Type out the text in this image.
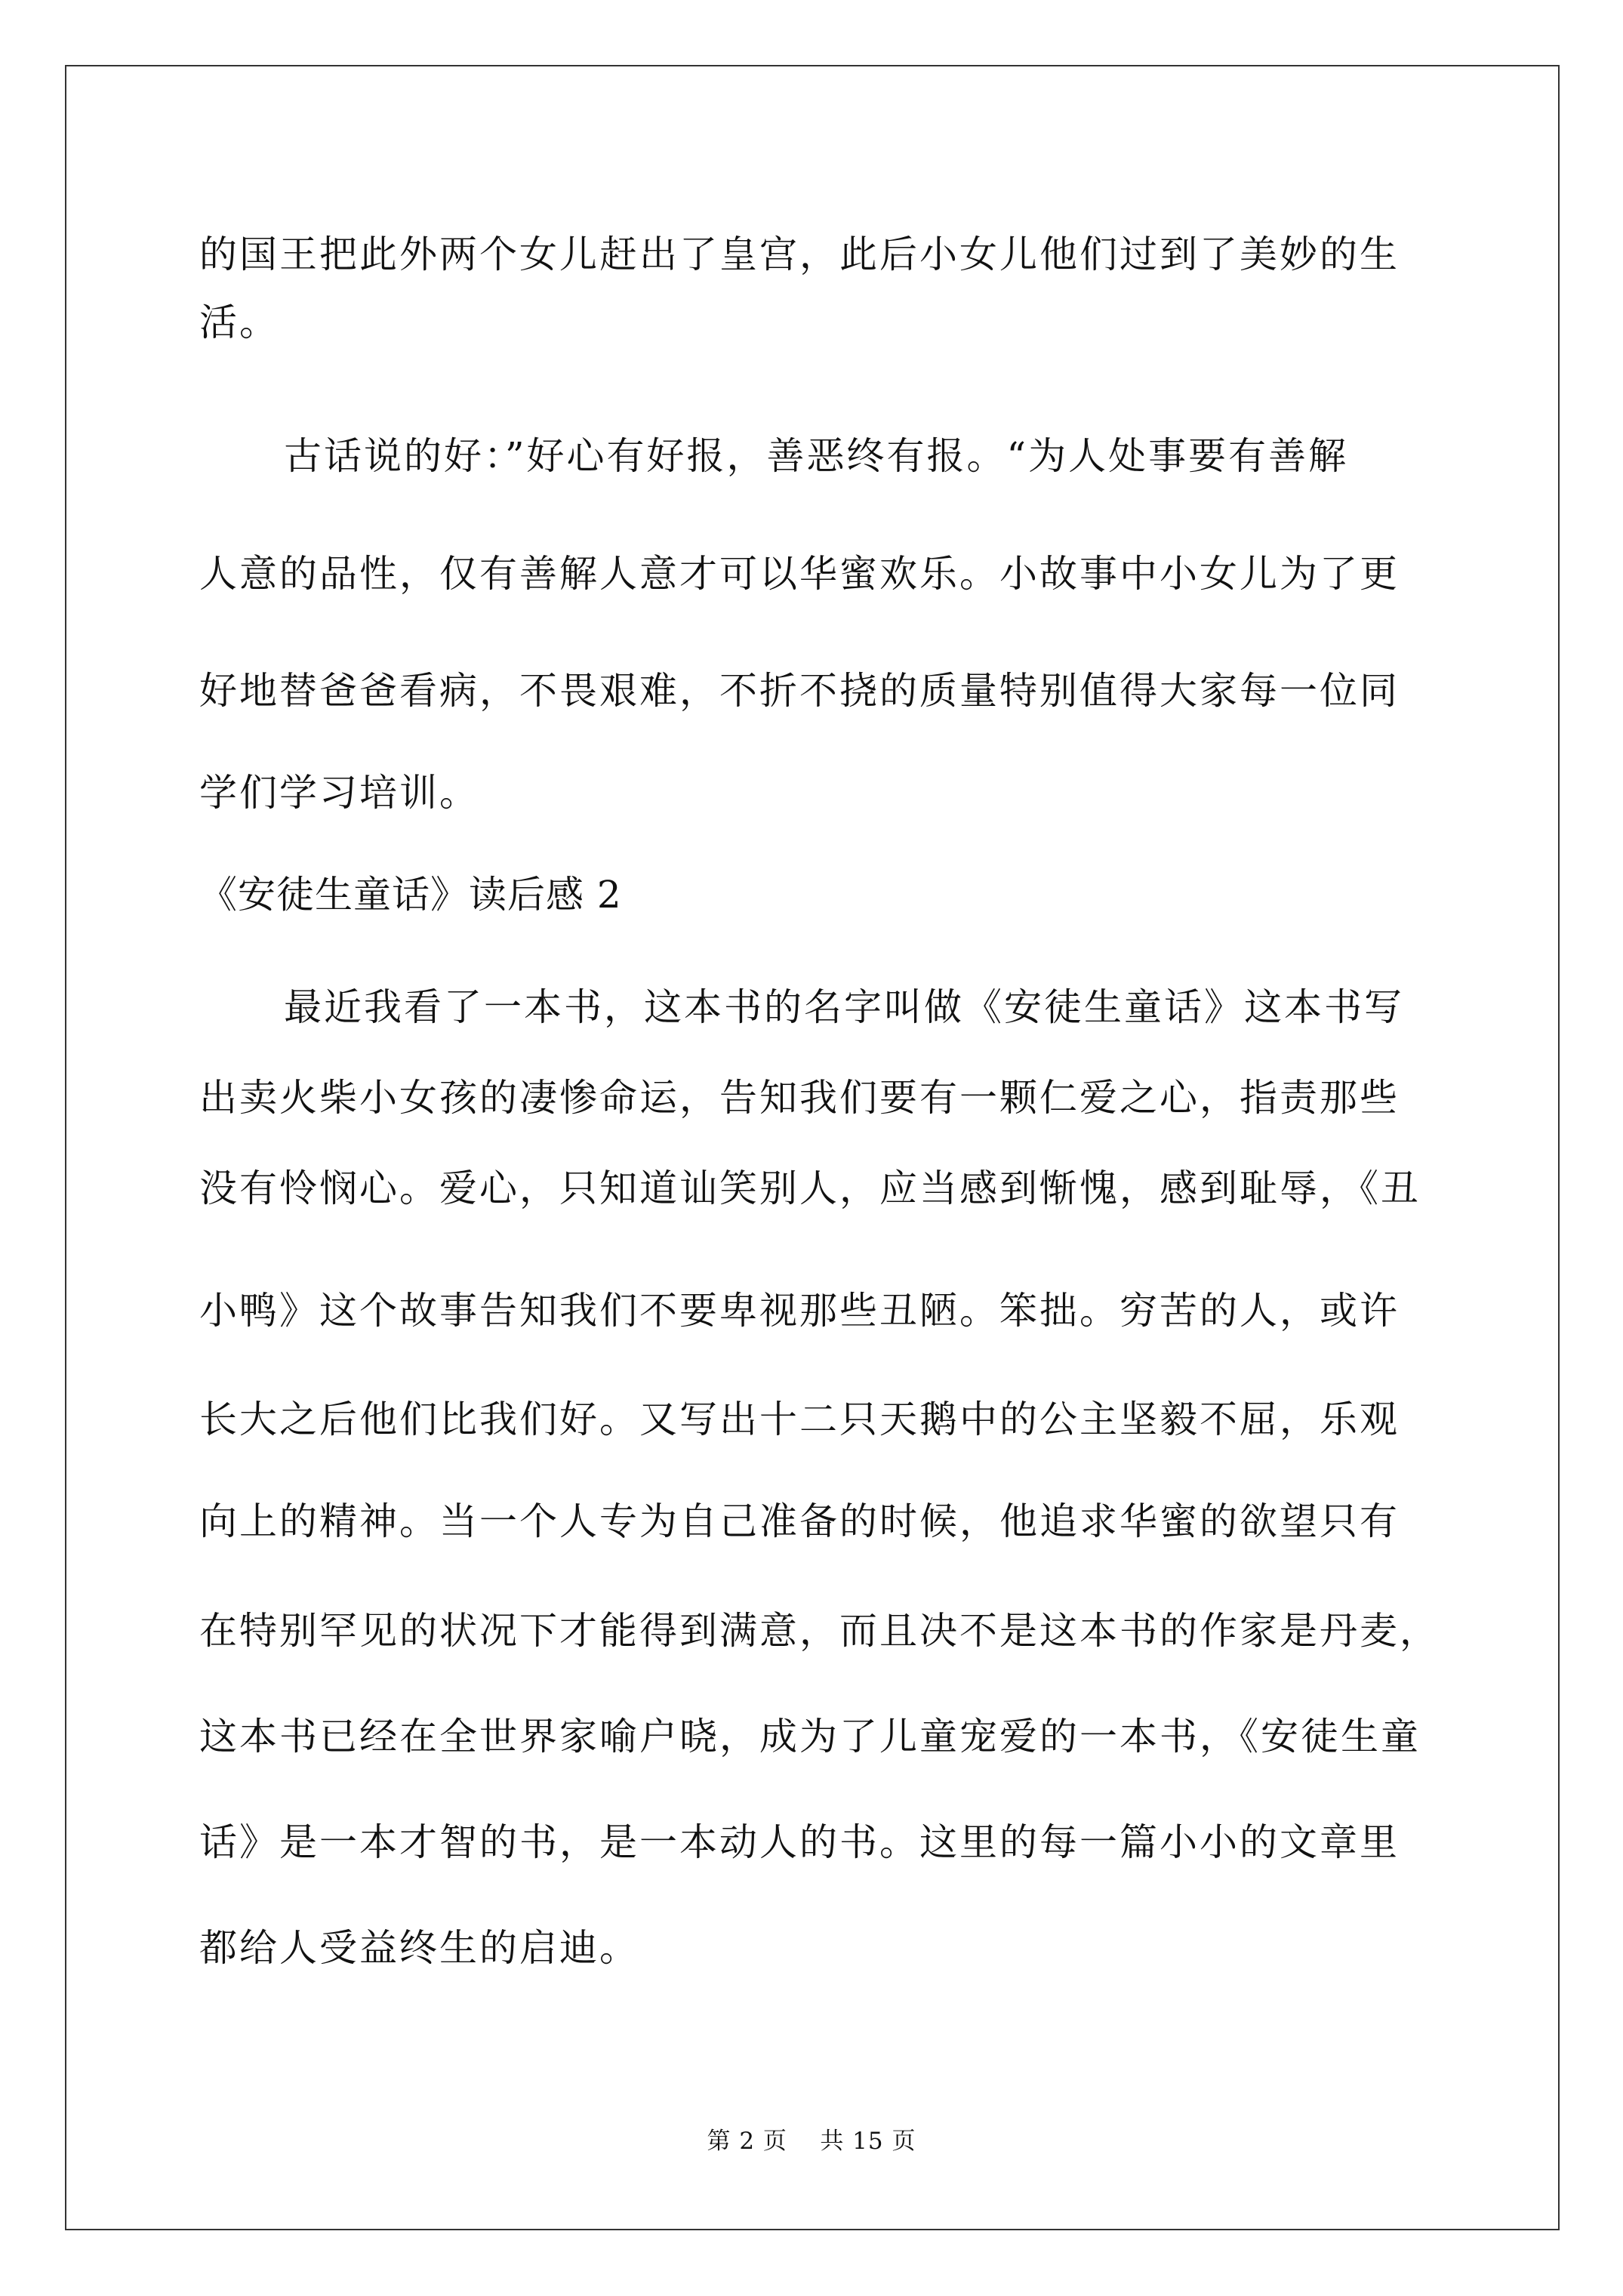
的国王把此外两个女儿赶出了皇宫，此后小女儿他们过到了美妙的生
活。
古话说的好：”好心有好报，善恶终有报。“为人处事要有善解
人意的品性，仅有善解人意才可以华蜜欢乐。小故事中小女儿为了更
好地替爸爸看病，不畏艰难，不折不挠的质量特别值得大家每一位同
学们学习培训。
《安徒生童话》读后感 2
最近我看了一本书，这本书的名字叫做《安徒生童话》这本书写
出卖火柴小女孩的凄惨命运，告知我们要有一颗仁爱之心，指责那些
没有怜悯心。爱心，只知道讪笑别人，应当感到惭愧，感到耻辱，《丑
小鸭》这个故事告知我们不要卑视那些丑陋。笨拙。穷苦的人，或许
长大之后他们比我们好。又写出十二只天鹅中的公主坚毅不屈，乐观
向上的精神。当一个人专为自己准备的时候，他追求华蜜的欲望只有
在特别罕见的状况下才能得到满意，而且决不是这本书的作家是丹麦，
这本书已经在全世界家喻户晓，成为了儿童宠爱的一本书，《安徒生童
话》是一本才智的书，是一本动人的书。这里的每一篇小小的文章里
都给人受益终生的启迪。
第 2 页    共 15 页
